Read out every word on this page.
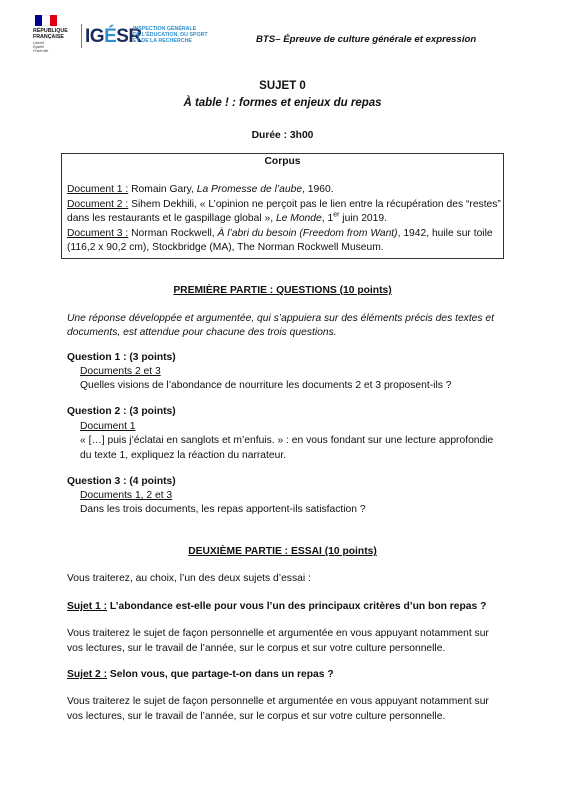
RÉPUBLIQUE
FRANÇAISE
Liberté
Égalité
Fraternité
IGÉSR
INSPECTION GÉNÉRALE
DE L’ÉDUCATION, DU SPORT
ET DE LA RECHERCHE	BTS– Épreuve de culture générale et expression
SUJET 0
À table ! : formes et enjeux du repas
Durée : 3h00
Corpus
Document 1 : Romain Gary, La Promesse de l’aube, 1960.
Document 2 : Sihem Dekhili, « L’opinion ne perçoit pas le lien entre la récupération des “restes”
dans les restaurants et le gaspillage global », Le Monde, 1er juin 2019.
Document 3 : Norman Rockwell, À l’abri du besoin (Freedom from Want), 1942, huile sur toile
(116,2 x 90,2 cm), Stockbridge (MA), The Norman Rockwell Museum.
PREMIÈRE PARTIE : QUESTIONS (10 points)
Une réponse développée et argumentée, qui s’appuiera sur des éléments précis des textes et
documents, est attendue pour chacune des trois questions.
Question 1 : (3 points)
Documents 2 et 3
Quelles visions de l’abondance de nourriture les documents 2 et 3 proposent-ils ?
Question 2 : (3 points)
Document 1
« […] puis j’éclatai en sanglots et m’enfuis. » : en vous fondant sur une lecture approfondie
du texte 1, expliquez la réaction du narrateur.
Question 3 : (4 points)
Documents 1, 2 et 3
Dans les trois documents, les repas apportent-ils satisfaction ?
DEUXIÈME PARTIE : ESSAI (10 points)
Vous traiterez, au choix, l’un des deux sujets d’essai :
Sujet 1 : L’abondance est-elle pour vous l’un des principaux critères d’un bon repas ?
Vous traiterez le sujet de façon personnelle et argumentée en vous appuyant notamment sur
vos lectures, sur le travail de l’année, sur le corpus et sur votre culture personnelle.
Sujet 2 : Selon vous, que partage-t-on dans un repas ?
Vous traiterez le sujet de façon personnelle et argumentée en vous appuyant notamment sur
vos lectures, sur le travail de l’année, sur le corpus et sur votre culture personnelle.
